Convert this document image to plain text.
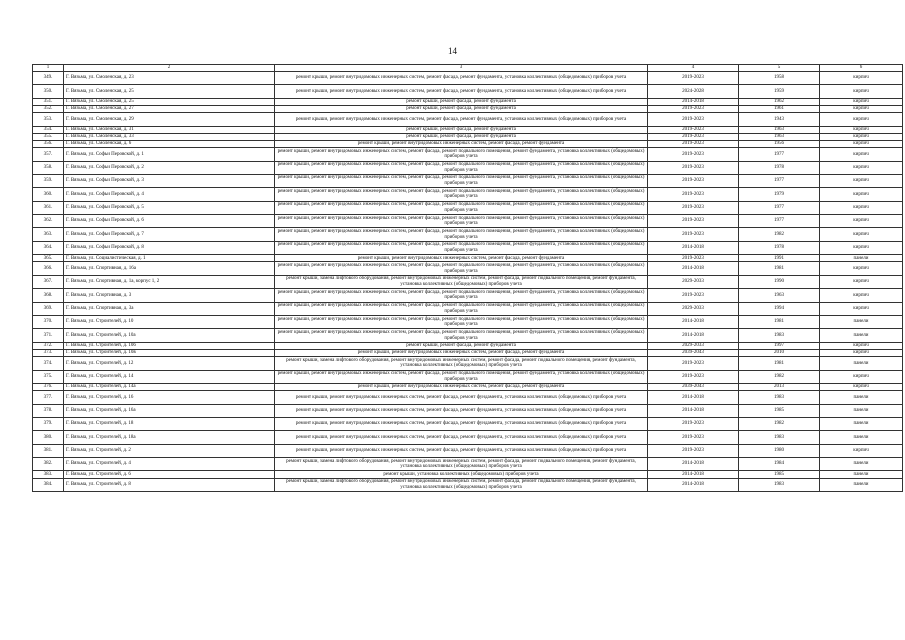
14
1	2	3	4	5	6
349.	Г. Вязьма, ул. Смоленская, д. 23	ремонт крыши, ремонт внутридомовых инженерных систем, ремонт фасада, ремонт фундамента, установка коллективных (общедомовых) приборов учета	2019-2023	1958	кирпич
350.	Г. Вязьма, ул. Смоленская, д. 25	ремонт крыши, ремонт внутридомовых инженерных систем, ремонт фасада, ремонт фундамента, установка коллективных (общедомовых) приборов учета	2024-2028	1959	кирпич
351.	Г. Вязьма, ул. Смоленская, д. 25	ремонт крыши, ремонт фасада, ремонт фундамента	2014-2018	1962	кирпич
352.	Г. Вязьма, ул. Смоленская, д. 27	ремонт крыши, ремонт фасада, ремонт фундамента	2019-2023	1961	кирпич
353.	Г. Вязьма, ул. Смоленская, д. 29	ремонт крыши, ремонт внутридомовых инженерных систем, ремонт фасада, ремонт фундамента, установка коллективных (общедомовых) приборов учета	2019-2023	1943	кирпич
354.	Г. Вязьма, ул. Смоленская, д. 31	ремонт крыши, ремонт фасада, ремонт фундамента	2019-2023	1963	кирпич
355.	Г. Вязьма, ул. Смоленская, д. 33	ремонт крыши, ремонт фасада, ремонт фундамента	2019-2023	1963	кирпич
356.	Г. Вязьма, ул. Смоленская, д. 6	ремонт крыши, ремонт внутридомовых инженерных систем, ремонт фасада, ремонт фундамента	2019-2023	1956	кирпич
357.	Г. Вязьма, ул. Софьи Перовской, д. 1	ремонт крыши, ремонт внутридомовых инженерных систем, ремонт фасада, ремонт подвального помещения, ремонт фундамента, установка коллективных (общедомовых) приборов учета	2019-2023	1977	кирпич
358.	Г. Вязьма, ул. Софьи Перовской, д. 2	ремонт крыши, ремонт внутридомовых инженерных систем, ремонт фасада, ремонт подвального помещения, ремонт фундамента, установка коллективных (общедомовых) приборов учета	2019-2023	1978	кирпич
359.	Г. Вязьма, ул. Софьи Перовской, д. 3	ремонт крыши, ремонт внутридомовых инженерных систем, ремонт фасада, ремонт подвального помещения, ремонт фундамента, установка коллективных (общедомовых) приборов учета	2019-2023	1977	кирпич
360.	Г. Вязьма, ул. Софьи Перовской, д. 4	ремонт крыши, ремонт внутридомовых инженерных систем, ремонт фасада, ремонт подвального помещения, ремонт фундамента, установка коллективных (общедомовых) приборов учета	2019-2023	1979	кирпич
361.	Г. Вязьма, ул. Софьи Перовской, д. 5	ремонт крыши, ремонт внутридомовых инженерных систем, ремонт фасада, ремонт подвального помещения, ремонт фундамента, установка коллективных (общедомовых) приборов учета	2019-2023	1977	кирпич
362.	Г. Вязьма, ул. Софьи Перовской, д. 6	ремонт крыши, ремонт внутридомовых инженерных систем, ремонт фасада, ремонт подвального помещения, ремонт фундамента, установка коллективных (общедомовых) приборов учета	2019-2023	1977	кирпич
363.	Г. Вязьма, ул. Софьи Перовской, д. 7	ремонт крыши, ремонт внутридомовых инженерных систем, ремонт фасада, ремонт подвального помещения, ремонт фундамента, установка коллективных (общедомовых) приборов учета	2019-2023	1982	кирпич
364.	Г. Вязьма, ул. Софьи Перовской, д. 8	ремонт крыши, ремонт внутридомовых инженерных систем, ремонт фасада, ремонт подвального помещения, ремонт фундамента, установка коллективных (общедомовых) приборов учета	2014-2018	1978	кирпич
365.	Г. Вязьма, ул. Социалистическая, д. 1	ремонт крыши, ремонт внутридомовых инженерных систем, ремонт фасада, ремонт фундамента	2019-2023	1991	панели
366.	Г. Вязьма, ул. Спортивная, д. 16а	ремонт крыши, ремонт внутридомовых инженерных систем, ремонт фасада, ремонт подвального помещения, ремонт фундамента, установка коллективных (общедомовых) приборов учета	2014-2018	1981	кирпич
367.	Г. Вязьма, ул. Спортивная, д. 1а, корпус 1, 2	ремонт крыши, замена лифтового оборудования, ремонт внутридомовых инженерных систем, ремонт фасада, ремонт подвального помещения, ремонт фундамента, установка коллективных (общедомовых) приборов учета	2029-2033	1990	кирпич
368.	Г. Вязьма, ул. Спортивная, д. 3	ремонт крыши, ремонт внутридомовых инженерных систем, ремонт фасада, ремонт подвального помещения, ремонт фундамента, установка коллективных (общедомовых) приборов учета	2019-2023	1963	кирпич
369.	Г. Вязьма, ул. Спортивная, д. 3а	ремонт крыши, ремонт внутридомовых инженерных систем, ремонт фасада, ремонт подвального помещения, ремонт фундамента, установка коллективных (общедомовых) приборов учета	2029-2033	1994	кирпич
370.	Г. Вязьма, ул. Строителей, д. 10	ремонт крыши, ремонт внутридомовых инженерных систем, ремонт фасада, ремонт подвального помещения, ремонт фундамента, установка коллективных (общедомовых) приборов учета	2014-2018	1981	панели
371.	Г. Вязьма, ул. Строителей, д. 10а	ремонт крыши, ремонт внутридомовых инженерных систем, ремонт фасада, ремонт подвального помещения, ремонт фундамента, установка коллективных (общедомовых) приборов учета	2014-2018	1983	панели
372.	Г. Вязьма, ул. Строителей, д. 10б	ремонт крыши, ремонт фасада, ремонт фундамента	2029-2033	1997	кирпич
373.	Г. Вязьма, ул. Строителей, д. 10в	ремонт крыши, ремонт внутридомовых инженерных систем, ремонт фасада, ремонт фундамента	2039-2043	2010	кирпич
374.	Г. Вязьма, ул. Строителей, д. 12	ремонт крыши, замена лифтового оборудования, ремонт внутридомовых инженерных систем, ремонт фасада, ремонт подвального помещения, ремонт фундамента, установка коллективных (общедомовых) приборов учета	2019-2023	1981	панели
375.	Г. Вязьма, ул. Строителей, д. 14	ремонт крыши, ремонт внутридомовых инженерных систем, ремонт фасада, ремонт подвального помещения, ремонт фундамента, установка коллективных (общедомовых) приборов учета	2019-2023	1982	кирпич
376.	Г. Вязьма, ул. Строителей, д. 14а	ремонт крыши, ремонт внутридомовых инженерных систем, ремонт фасада, ремонт фундамента	2039-2043	2013	кирпич
377.	Г. Вязьма, ул. Строителей, д. 16	ремонт крыши, ремонт внутридомовых инженерных систем, ремонт фасада, ремонт фундамента, установка коллективных (общедомовых) приборов учета	2014-2018	1983	панели
378.	Г. Вязьма, ул. Строителей, д. 16а	ремонт крыши, ремонт внутридомовых инженерных систем, ремонт фасада, ремонт фундамента, установка коллективных (общедомовых) приборов учета	2014-2018	1985	панели
379.	Г. Вязьма, ул. Строителей, д. 18	ремонт крыши, ремонт внутридомовых инженерных систем, ремонт фасада, ремонт фундамента, установка коллективных (общедомовых) приборов учета	2019-2023	1982	панели
380.	Г. Вязьма, ул. Строителей, д. 18а	ремонт крыши, ремонт внутридомовых инженерных систем, ремонт фасада, ремонт фундамента, установка коллективных (общедомовых) приборов учета	2019-2023	1983	панели
381.	Г. Вязьма, ул. Строителей, д. 2	ремонт крыши, ремонт внутридомовых инженерных систем, ремонт фасада, ремонт фундамента, установка коллективных (общедомовых) приборов учета	2019-2023	1980	кирпич
382.	Г. Вязьма, ул. Строителей, д. 4	ремонт крыши, замена лифтового оборудования, ремонт внутридомовых инженерных систем, ремонт фасада, ремонт подвального помещения, ремонт фундамента, установка коллективных (общедомовых) приборов учета	2014-2018	1984	панели
383.	Г. Вязьма, ул. Строителей, д. 6	ремонт крыши, установка коллективных (общедомовых) приборов учета	2014-2018	1985	панели
384.	Г. Вязьма, ул. Строителей, д. 8	ремонт крыши, замена лифтового оборудования, ремонт внутридомовых инженерных систем, ремонт фасада, ремонт подвального помещения, ремонт фундамента, установка коллективных (общедомовых) приборов учета	2014-2018	1983	панели
